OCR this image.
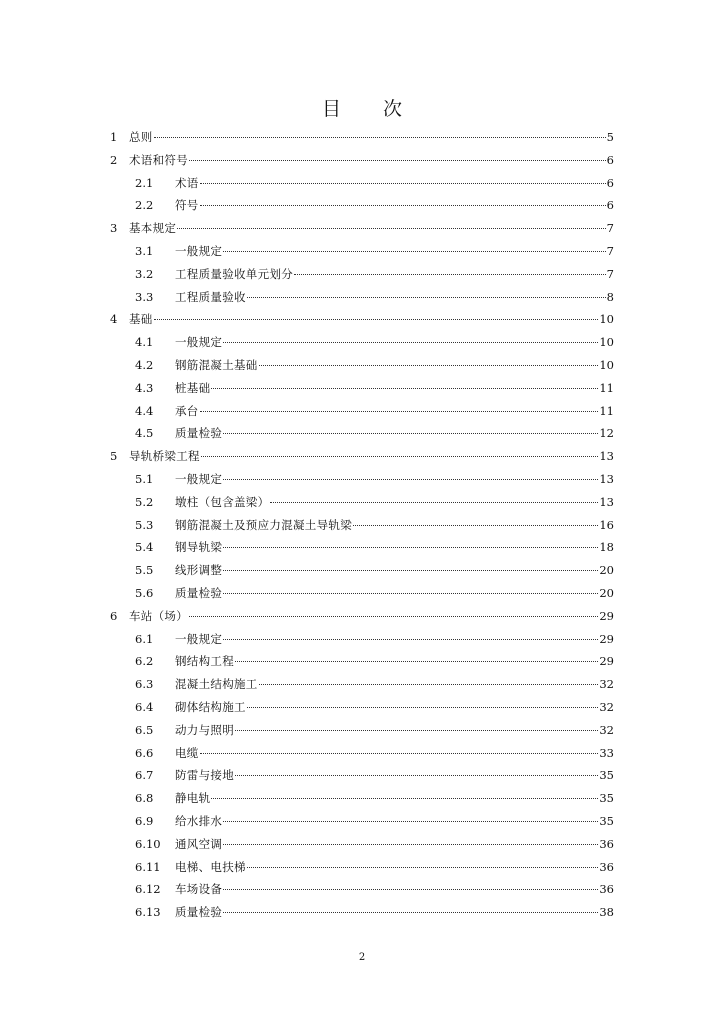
目 次
1	总则	5
2	术语和符号	6
2.1	术语	6
2.2	符号	6
3	基本规定	7
3.1	一般规定	7
3.2	工程质量验收单元划分	7
3.3	工程质量验收	8
4	基础	10
4.1	一般规定	10
4.2	钢筋混凝土基础	10
4.3	桩基础	11
4.4	承台	11
4.5	质量检验	12
5	导轨桥梁工程	13
5.1	一般规定	13
5.2	墩柱（包含盖梁）	13
5.3	钢筋混凝土及预应力混凝土导轨梁	16
5.4	钢导轨梁	18
5.5	线形调整	20
5.6	质量检验	20
6	车站（场）	29
6.1	一般规定	29
6.2	钢结构工程	29
6.3	混凝土结构施工	32
6.4	砌体结构施工	32
6.5	动力与照明	32
6.6	电缆	33
6.7	防雷与接地	35
6.8	静电轨	35
6.9	给水排水	35
6.10	通风空调	36
6.11	电梯、电扶梯	36
6.12	车场设备	36
6.13	质量检验	38
2
